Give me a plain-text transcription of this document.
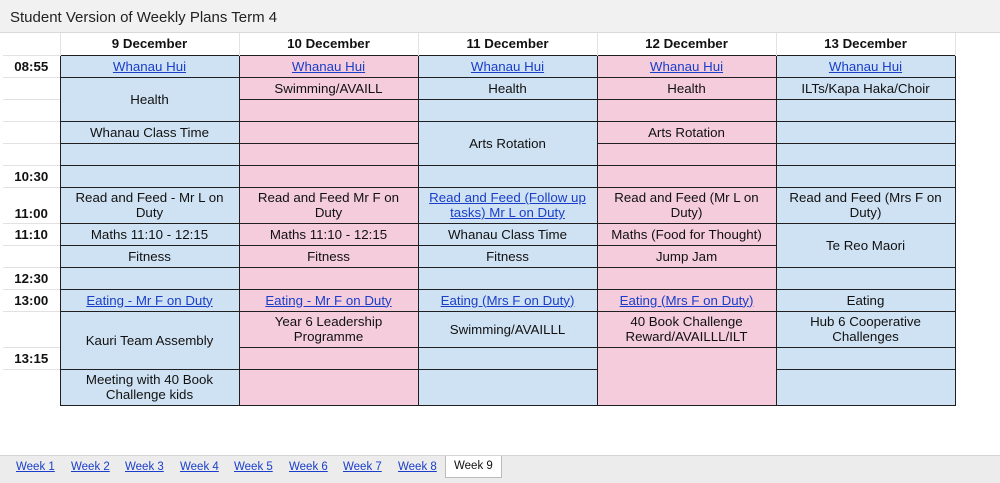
Student Version of Weekly Plans Term 4
	9 December	10 December	11 December	12 December	13 December
08:55	Whanau Hui	Whanau Hui	Whanau Hui	Whanau Hui	Whanau Hui
	Health	Swimming/AVAILL	Health	Health	ILTs/Kapa Haka/Choir

	Whanau Class Time		Arts Rotation	Arts Rotation	

10:30					
11:00	Read and Feed - Mr L on Duty	Read and Feed Mr F on Duty	Read and Feed (Follow up tasks) Mr L on Duty	Read and Feed (Mr L on Duty)	Read and Feed (Mrs F on Duty)
11:10	Maths 11:10 - 12:15	Maths 11:10 - 12:15	Whanau Class Time	Maths (Food for Thought)	Te Reo Maori
	Fitness	Fitness	Fitness	Jump Jam	
12:30					
13:00	Eating - Mr F on Duty	Eating - Mr F on Duty	Eating (Mrs F on Duty)	Eating (Mrs F on Duty)	Eating
	Kauri Team Assembly	Year 6 Leadership Programme	Swimming/AVAILLL	40 Book Challenge Reward/AVAILLL/ILT	Hub 6 Cooperative Challenges
13:15					
	Meeting with 40 Book Challenge kids				
Week 1 Week 2 Week 3 Week 4 Week 5 Week 6 Week 7 Week 8	Week 9
